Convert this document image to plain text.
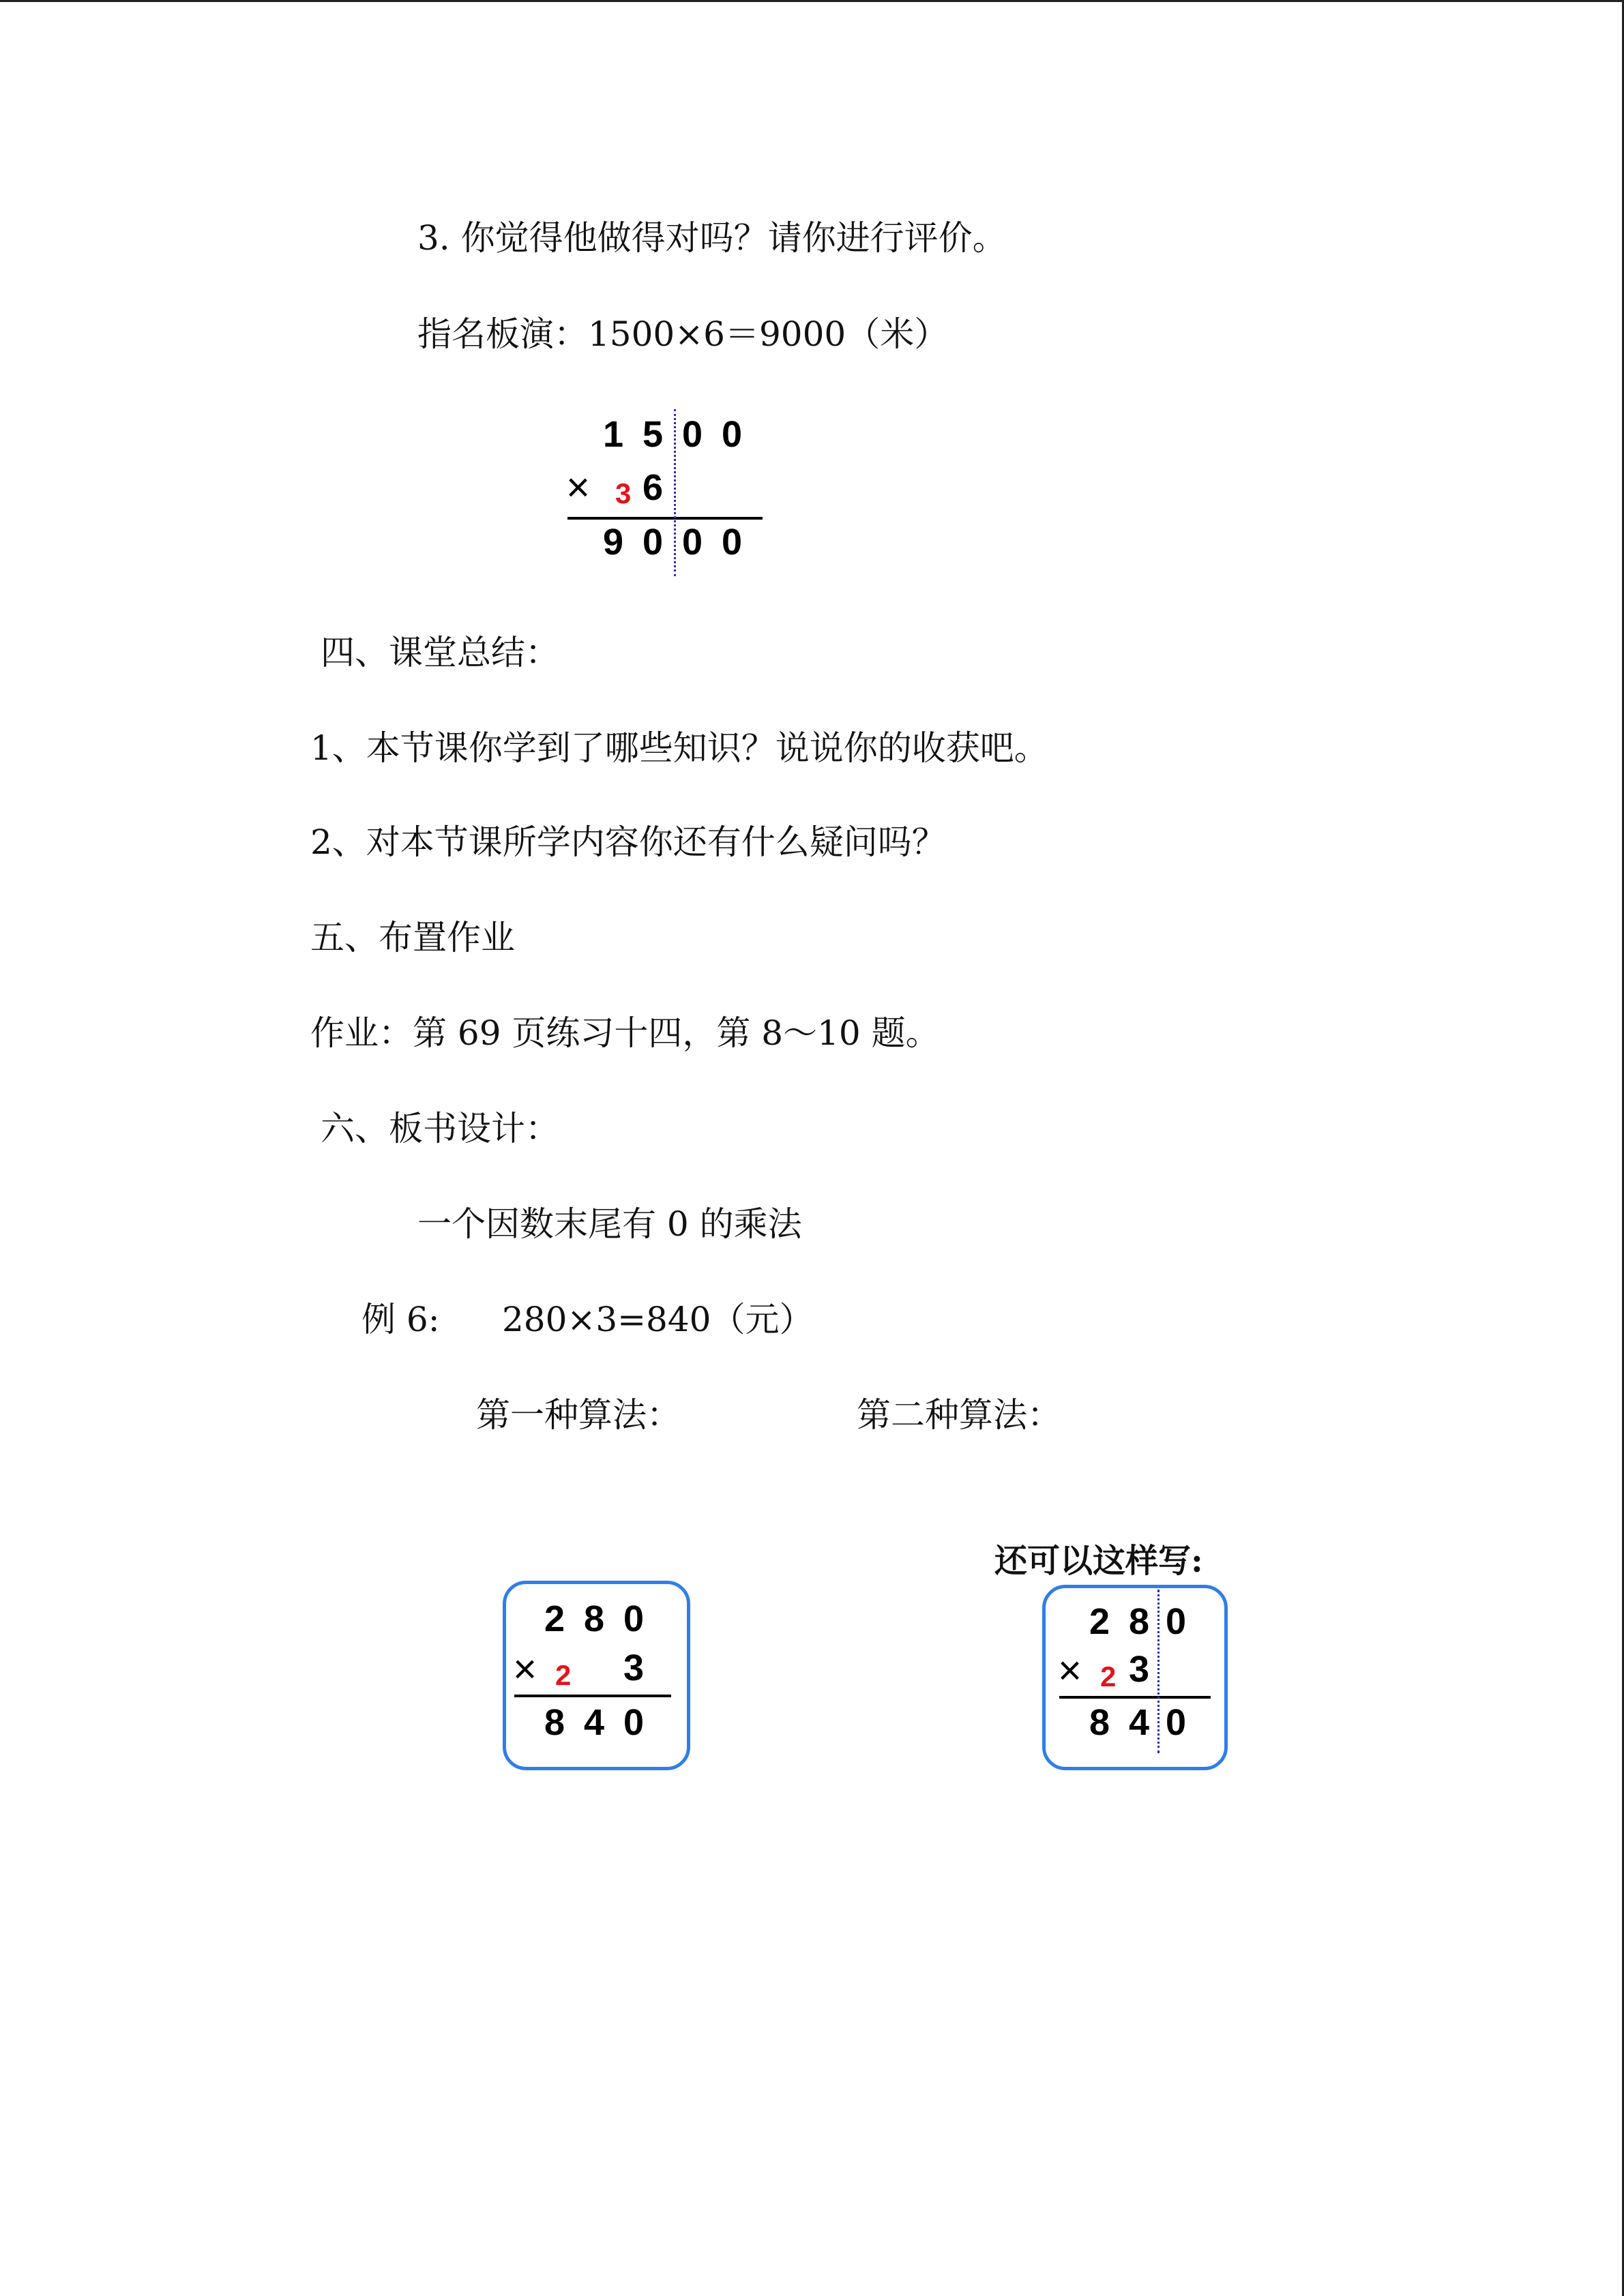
3. 你觉得他做得对吗？请你进行评价。
指名板演：1500×6＝9000（米）
1 5 0 0
× 3 6
9 0 0 0
四、课堂总结：
1、本节课你学到了哪些知识？说说你的收获吧。
2、对本节课所学内容你还有什么疑问吗？
五、布置作业
作业：第 69 页练习十四，第 8～10 题。
六、板书设计：
一个因数末尾有 0 的乘法
例 6: 280×3=840（元）
第一种算法：	第二种算法：
还可以这样写:
2 8 0
× 2 3
8 4 0
2 8 0
× 2 3
8 4 0
